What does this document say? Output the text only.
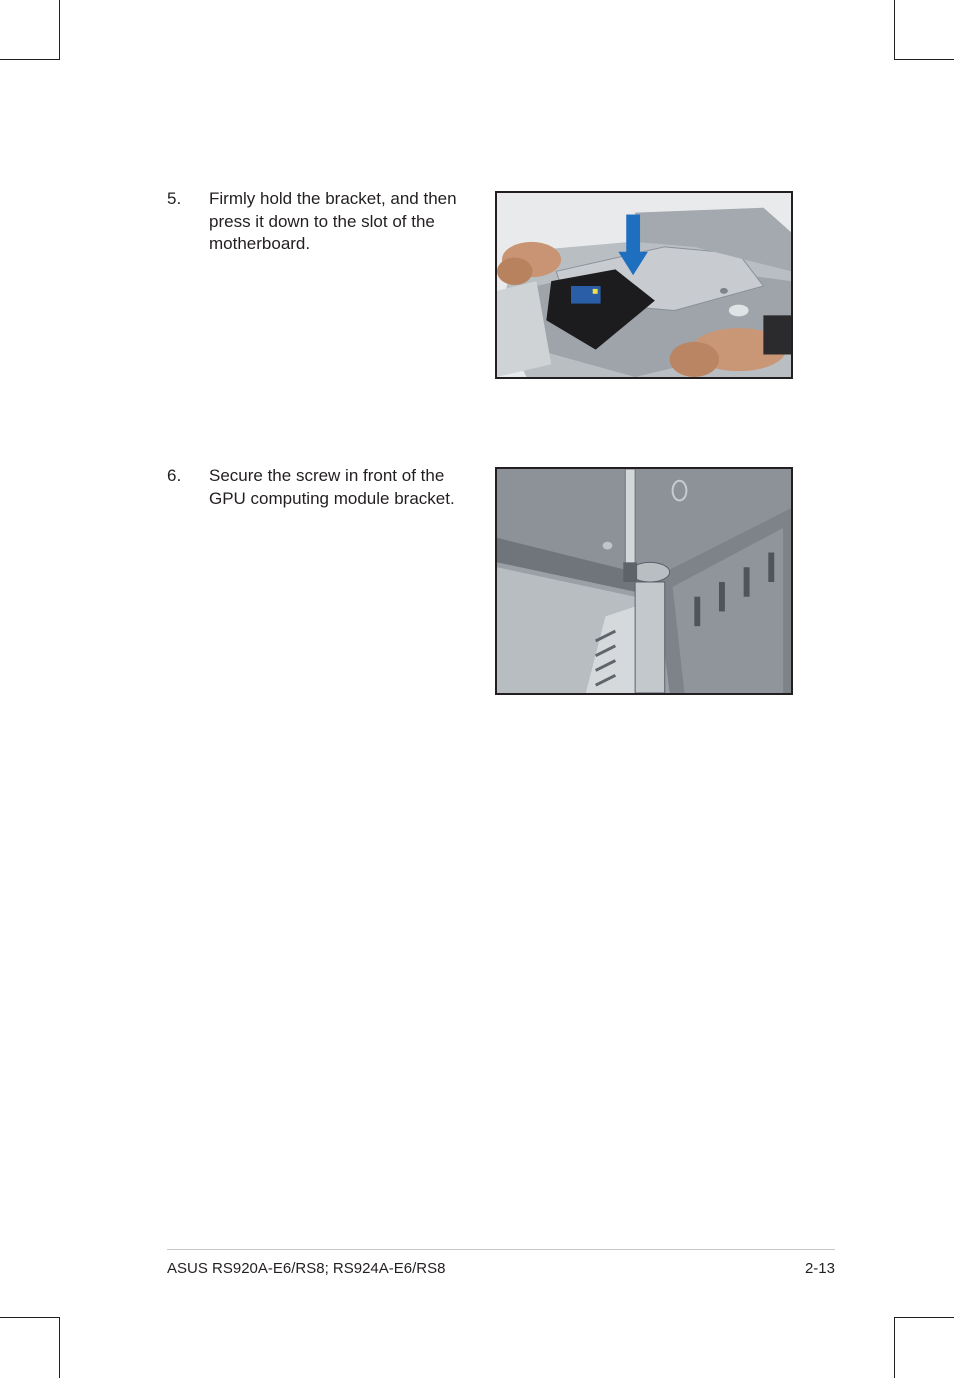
5. Firmly hold the bracket, and then
press it down to the slot of the
motherboard.
6. Secure the screw in front of the
GPU computing module bracket.
ASUS RS920A-E6/RS8; RS924A-E6/RS8	2-13
